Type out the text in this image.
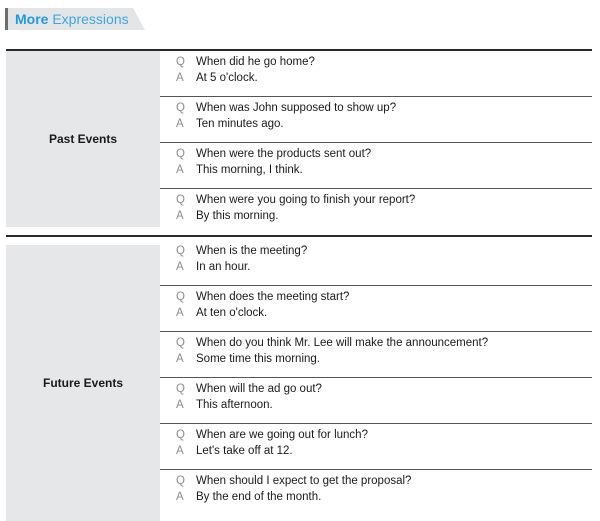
More Expressions
Past Events
Q When did he go home?
A At 5 o'clock.
Q When was John supposed to show up?
A Ten minutes ago.
Q When were the products sent out?
A This morning, I think.
Q When were you going to finish your report?
A By this morning.
Future Events
Q When is the meeting?
A In an hour.
Q When does the meeting start?
A At ten o'clock.
Q When do you think Mr. Lee will make the announcement?
A Some time this morning.
Q When will the ad go out?
A This afternoon.
Q When are we going out for lunch?
A Let's take off at 12.
Q When should I expect to get the proposal?
A By the end of the month.
